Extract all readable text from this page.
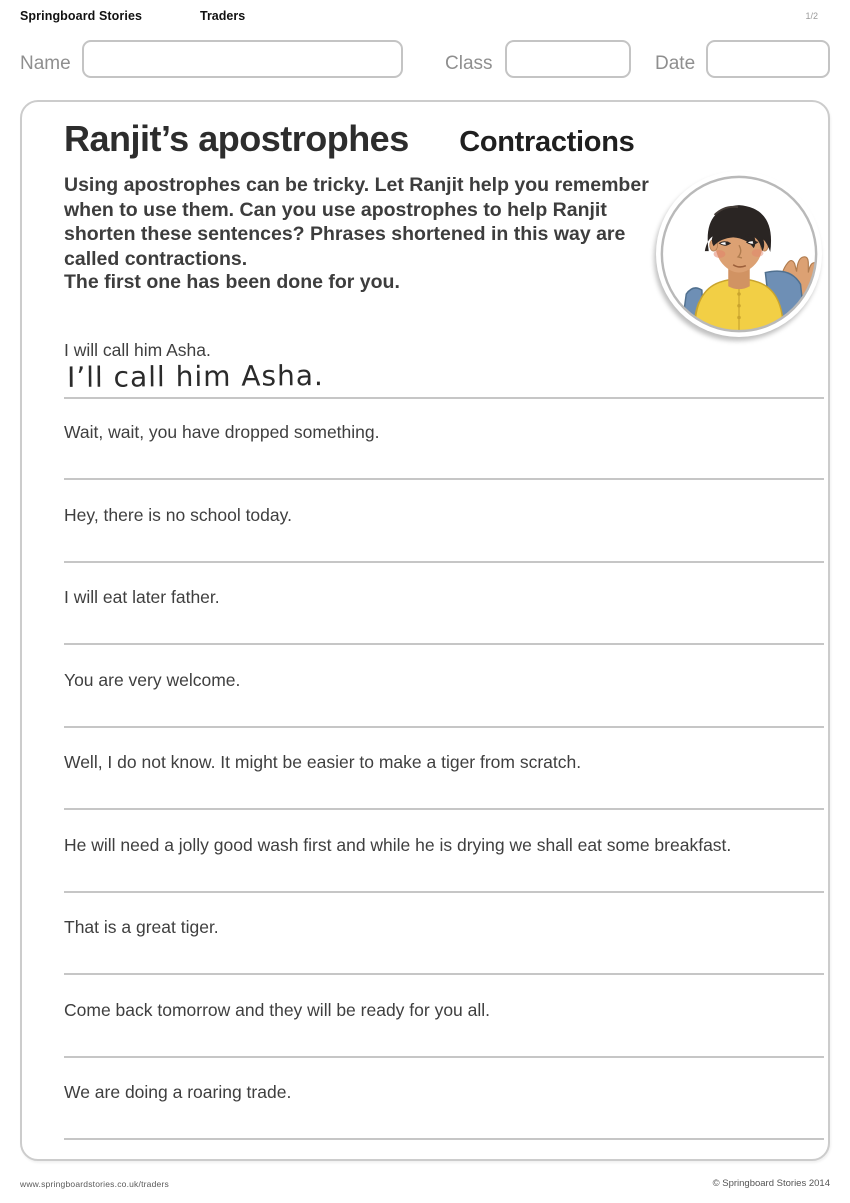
Springboard Stories	Traders	1/2
Name	Class	Date
Ranjit’s apostrophes Contractions

Using apostrophes can be tricky. Let Ranjit help you remember when to use them. Can you use apostrophes to help Ranjit shorten these sentences? Phrases shortened in this way are called contractions.

The first one has been done for you.

I will call him Asha.
I’ll call him Asha.
Wait, wait, you have dropped something.
Hey, there is no school today.
I will eat later father.
You are very welcome.
Well, I do not know. It might be easier to make a tiger from scratch.
He will need a jolly good wash first and while he is drying we shall eat some breakfast.
That is a great tiger.
Come back tomorrow and they will be ready for you all.
We are doing a roaring trade.
www.springboardstories.co.uk/traders	© Springboard Stories 2014
